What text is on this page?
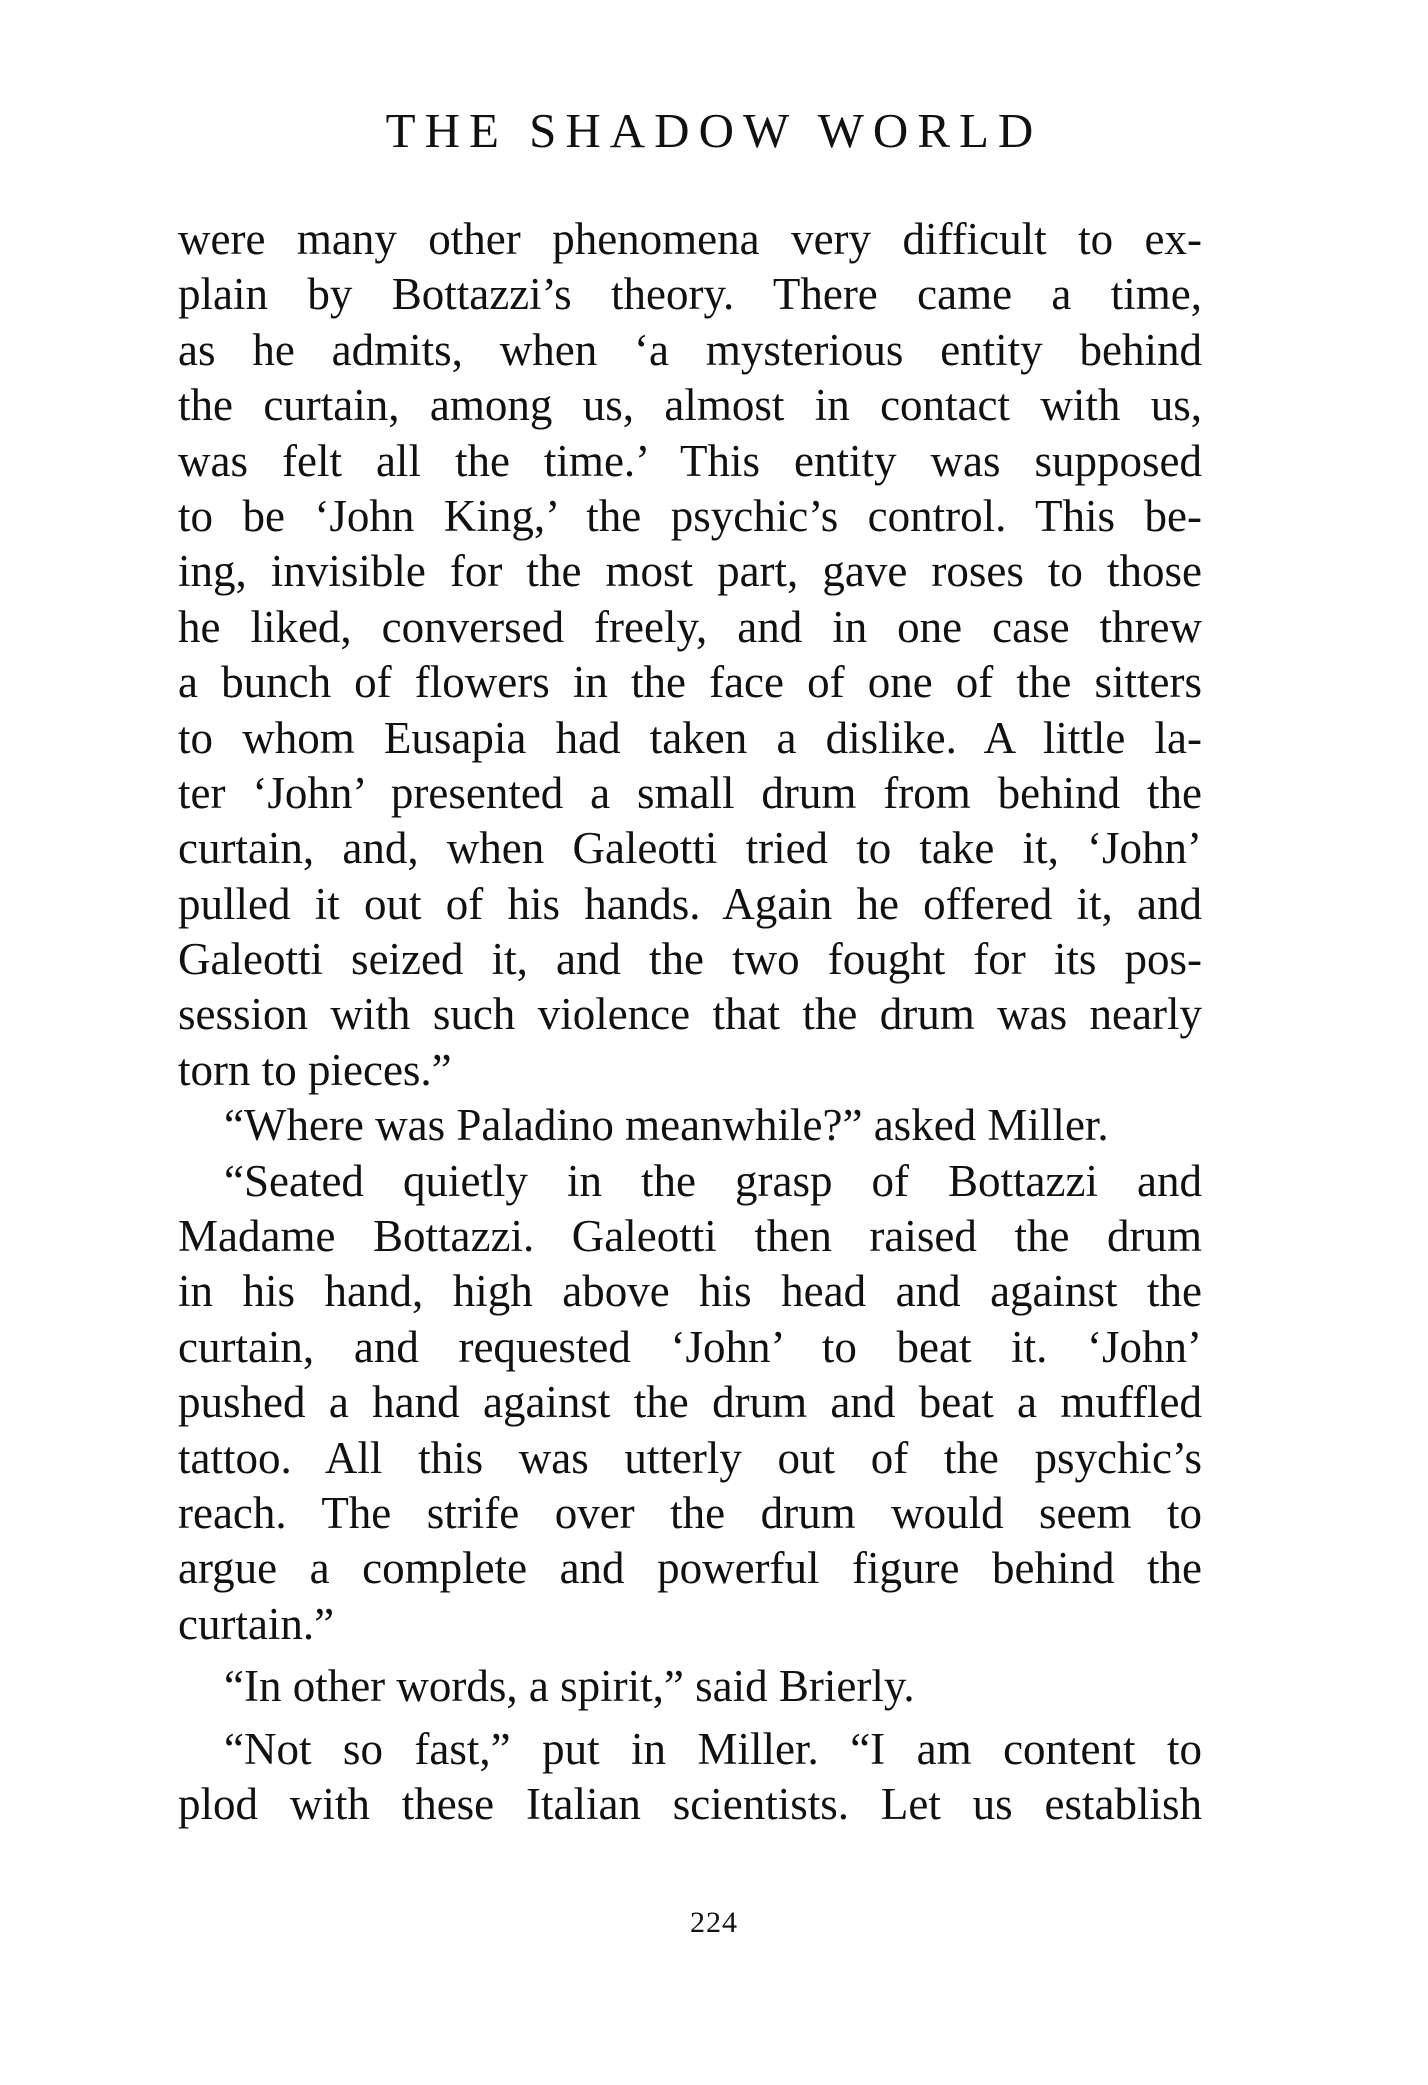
THE SHADOW WORLD
were many other phenomena very difficult to ex-
plain by Bottazzi’s theory. There came a time,
as he admits, when ‘a mysterious entity behind
the curtain, among us, almost in contact with us,
was felt all the time.’ This entity was supposed
to be ‘John King,’ the psychic’s control. This be-
ing, invisible for the most part, gave roses to those
he liked, conversed freely, and in one case threw
a bunch of flowers in the face of one of the sitters
to whom Eusapia had taken a dislike. A little la-
ter ‘John’ presented a small drum from behind the
curtain, and, when Galeotti tried to take it, ‘John’
pulled it out of his hands. Again he offered it, and
Galeotti seized it, and the two fought for its pos-
session with such violence that the drum was nearly
torn to pieces.”
“Where was Paladino meanwhile?” asked Miller.
“Seated quietly in the grasp of Bottazzi and
Madame Bottazzi. Galeotti then raised the drum
in his hand, high above his head and against the
curtain, and requested ‘John’ to beat it. ‘John’
pushed a hand against the drum and beat a muffled
tattoo. All this was utterly out of the psychic’s
reach. The strife over the drum would seem to
argue a complete and powerful figure behind the
curtain.”
“In other words, a spirit,” said Brierly.
“Not so fast,” put in Miller. “I am content to
plod with these Italian scientists. Let us establish
224
